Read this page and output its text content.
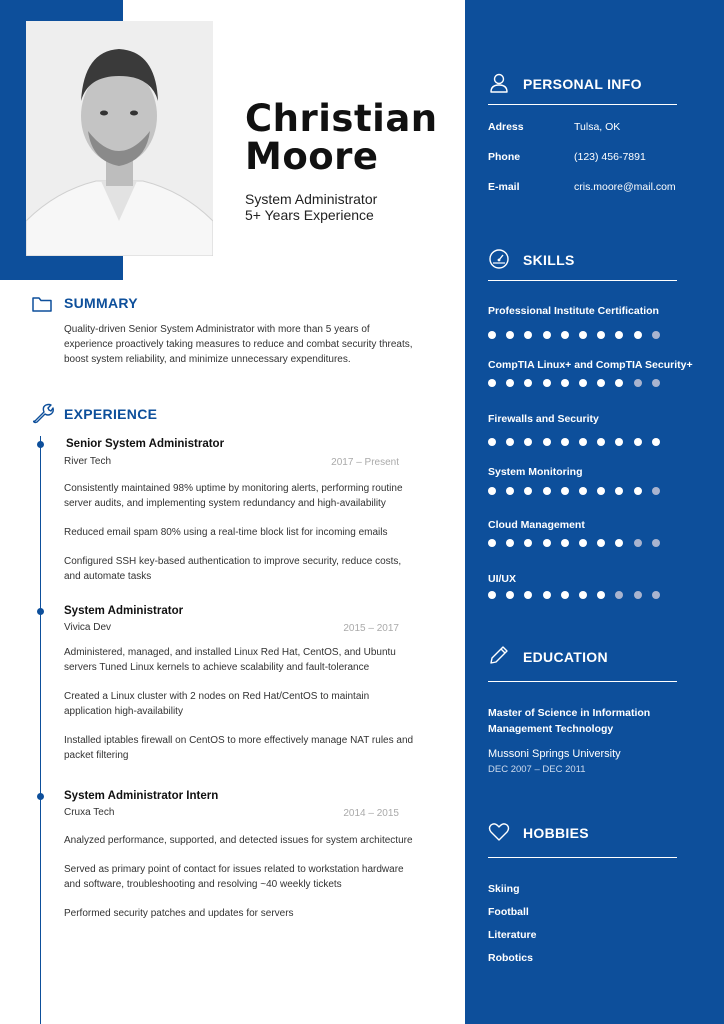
Christian
Moore
System Administrator
5+ Years Experience
SUMMARY
Quality-driven Senior System Administrator with more than 5 years of experience proactively taking measures to reduce and combat security threats, boost system reliability, and minimize unnecessary expenditures.
EXPERIENCE
Senior System Administrator
River Tech	2017 – Present
Consistently maintained 98% uptime by monitoring alerts, performing routine server audits, and implementing system redundancy and high-availability
Reduced email spam 80% using a real-time block list for incoming emails
Configured SSH key-based authentication to improve security, reduce costs, and automate tasks
System Administrator
Vivica Dev	2015 – 2017
Administered, managed, and installed Linux Red Hat, CentOS, and Ubuntu servers Tuned Linux kernels to achieve scalability and fault-tolerance
Created a Linux cluster with 2 nodes on Red Hat/CentOS to maintain application high-availability
Installed iptables firewall on CentOS to more effectively manage NAT rules and packet filtering
System Administrator Intern
Cruxa Tech	2014 – 2015
Analyzed performance, supported, and detected issues for system architecture
Served as primary point of contact for issues related to workstation hardware and software, troubleshooting and resolving ~40 weekly tickets
Performed security patches and updates for servers
PERSONAL INFO
Adress	Tulsa, OK
Phone	(123) 456-7891
E-mail	cris.moore@mail.com
SKILLS
Professional Institute Certification
CompTIA Linux+ and CompTIA Security+
Firewalls and Security
System Monitoring
Cloud Management
UI/UX
EDUCATION
Master of Science in Information Management Technology
Mussoni Springs University
DEC 2007 – DEC 2011
HOBBIES
Skiing
Football
Literature
Robotics
